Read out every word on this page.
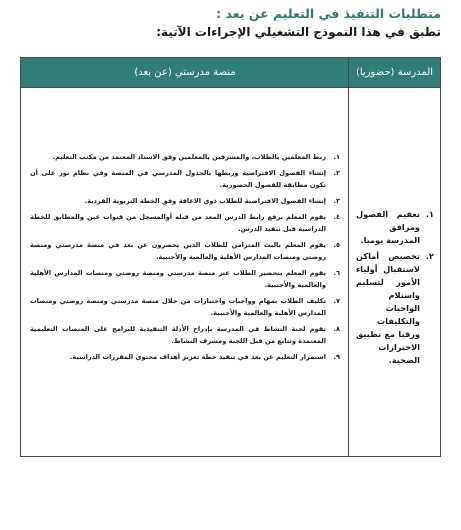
متطلبات التنفيذ في التعليم عن بعد :
تطبق في هذا النموذج التشغيلي الإجراءات الآتية:
المدرسة (حضوريا)
منصة مدرستي (عن بعد)
١.
تعقيم الفصول ومرافق المدرسة يوميا.
٢.
تخصيص أماكن لاستقبال أولياء الأمور لتسليم واستلام الواجبات والتكليفات ورقيا مع تطبيق الاحترازات الصحية.
١.
ربط المعلمين بالطلاب، والمشرفين بالمعلمين وفق الاسناد المعتمد من مكتب التعليم.
٢.
إنشاء الفصول الافتراضية وربطها بالجدول المدرسي في المنصة وفي نظام نور على أن تكون مطابقة للفصول الحضورية.
٣.
إنشاء الفصول الافتراضية للطلاب ذوي الاعاقة وفق الخطة التربوية الفردية.
٤.
يقوم المعلم برفع رابط الدرس المعد من قبله أوالمسجل من قنوات عين والمطابق للخطة الدراسية قبل تنفيذ الدرس.
٥.
يقوم المعلم بالبث المتزامن للطلاب الذين يحضرون عن بعد في منصة مدرستي ومنصة روضتي ومنصات المدارس الأهلية والعالمية والأجنبية.
٦.
يقوم المعلم بتحضير الطلاب عبر منصة مدرستي ومنصة روضتي ومنصات المدارس الأهلية والعالمية والأجنبية.
٧.
تكليف الطلاب بمهام وواجبات واختبارات من خلال منصة مدرستي ومنصة روضتي ومنصات المدارس الأهلية والعالمية والأجنبية.
٨.
تقوم لجنة النشاط في المدرسة بإدراج الأدلة التنفيذية للبرامج على المنصات التعليمية المعتمدة وتتابع من قبل اللجنة ومشرف النشاط.
٩.
استمرار التعليم عن بعد في تنفيذ خطة تعزيز أهداف محتوى المقررات الدراسية.
